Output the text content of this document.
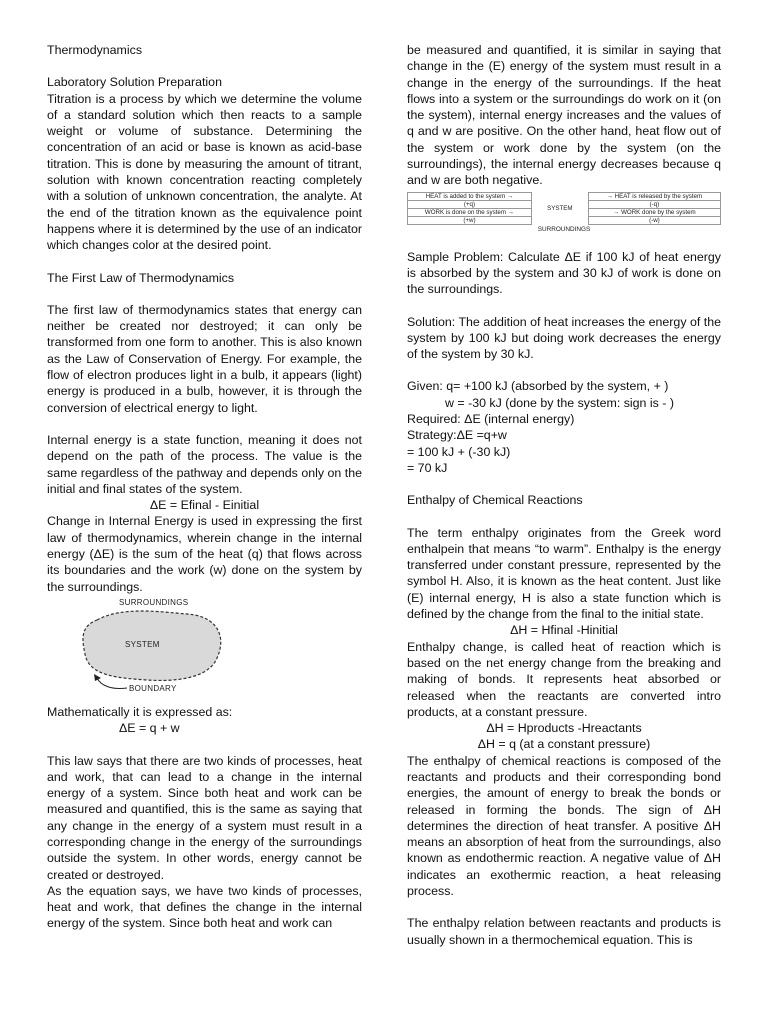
Thermodynamics

Laboratory Solution Preparation

Titration is a process by which we determine the volume of a standard solution which then reacts to a sample weight or volume of substance. Determining the concentration of an acid or base is known as acid-base titration. This is done by measuring the amount of titrant, solution with known concentration reacting completely with a solution of unknown concentration, the analyte. At the end of the titration known as the equivalence point happens where it is determined by the use of an indicator which changes color at the desired point.

The First Law of Thermodynamics

The first law of thermodynamics states that energy can neither be created nor destroyed; it can only be transformed from one form to another. This is also known as the Law of Conservation of Energy. For example, the flow of electron produces light in a bulb, it appears (light) energy is produced in a bulb, however, it is through the conversion of electrical energy to light.

Internal energy is a state function, meaning it does not depend on the path of the process. The value is the same regardless of the pathway and depends only on the initial and final states of the system.

ΔE = Efinal - Einitial

Change in Internal Energy is used in expressing the first law of thermodynamics, wherein change in the internal energy (ΔE) is the sum of the heat (q) that flows across its boundaries and the work (w) done on the system by the surroundings.

SURROUNDINGS
SYSTEM
BOUNDARY

Mathematically it is expressed as:

ΔE = q + w

This law says that there are two kinds of processes, heat and work, that can lead to a change in the internal energy of a system. Since both heat and work can be measured and quantified, this is the same as saying that any change in the energy of a system must result in a corresponding change in the energy of the surroundings outside the system. In other words, energy cannot be created or destroyed.

As the equation says, we have two kinds of processes, heat and work, that defines the change in the internal energy of the system. Since both heat and work can

be measured and quantified, it is similar in saying that change in the (E) energy of the system must result in a change in the energy of the surroundings. If the heat flows into a system or the surroundings do work on it (on the system), internal energy increases and the values of q and w are positive. On the other hand, heat flow out of the system or work done by the system (on the surroundings), the internal energy decreases because q and w are both negative.

HEAT is added to the system →	SYSTEM	→ HEAT is released by the system
(+q)		(-q)
WORK is done on the system →		→ WORK done by the system
(+w)		(-w)
SURROUNDINGS

Sample Problem: Calculate ΔE if 100 kJ of heat energy is absorbed by the system and 30 kJ of work is done on the surroundings.

Solution: The addition of heat increases the energy of the system by 100 kJ but doing work decreases the energy of the system by 30 kJ.

Given: q= +100 kJ (absorbed by the system, + )

w = -30 kJ (done by the system: sign is - )

Required: ΔE (internal energy)

Strategy:ΔE =q+w

= 100 kJ + (-30 kJ)

= 70 kJ

Enthalpy of Chemical Reactions

The term enthalpy originates from the Greek word enthalpein that means “to warm”. Enthalpy is the energy transferred under constant pressure, represented by the symbol H. Also, it is known as the heat content. Just like (E) internal energy, H is also a state function which is defined by the change from the final to the initial state.

ΔH = Hfinal -Hinitial

Enthalpy change, is called heat of reaction which is based on the net energy change from the breaking and making of bonds. It represents heat absorbed or released when the reactants are converted intro products, at a constant pressure.

ΔH = Hproducts -Hreactants

ΔH = q (at a constant pressure)

The enthalpy of chemical reactions is composed of the reactants and products and their corresponding bond energies, the amount of energy to break the bonds or released in forming the bonds. The sign of ΔH determines the direction of heat transfer. A positive ΔH means an absorption of heat from the surroundings, also known as endothermic reaction. A negative value of ΔH indicates an exothermic reaction, a heat releasing process.

The enthalpy relation between reactants and products is usually shown in a thermochemical equation. This is
